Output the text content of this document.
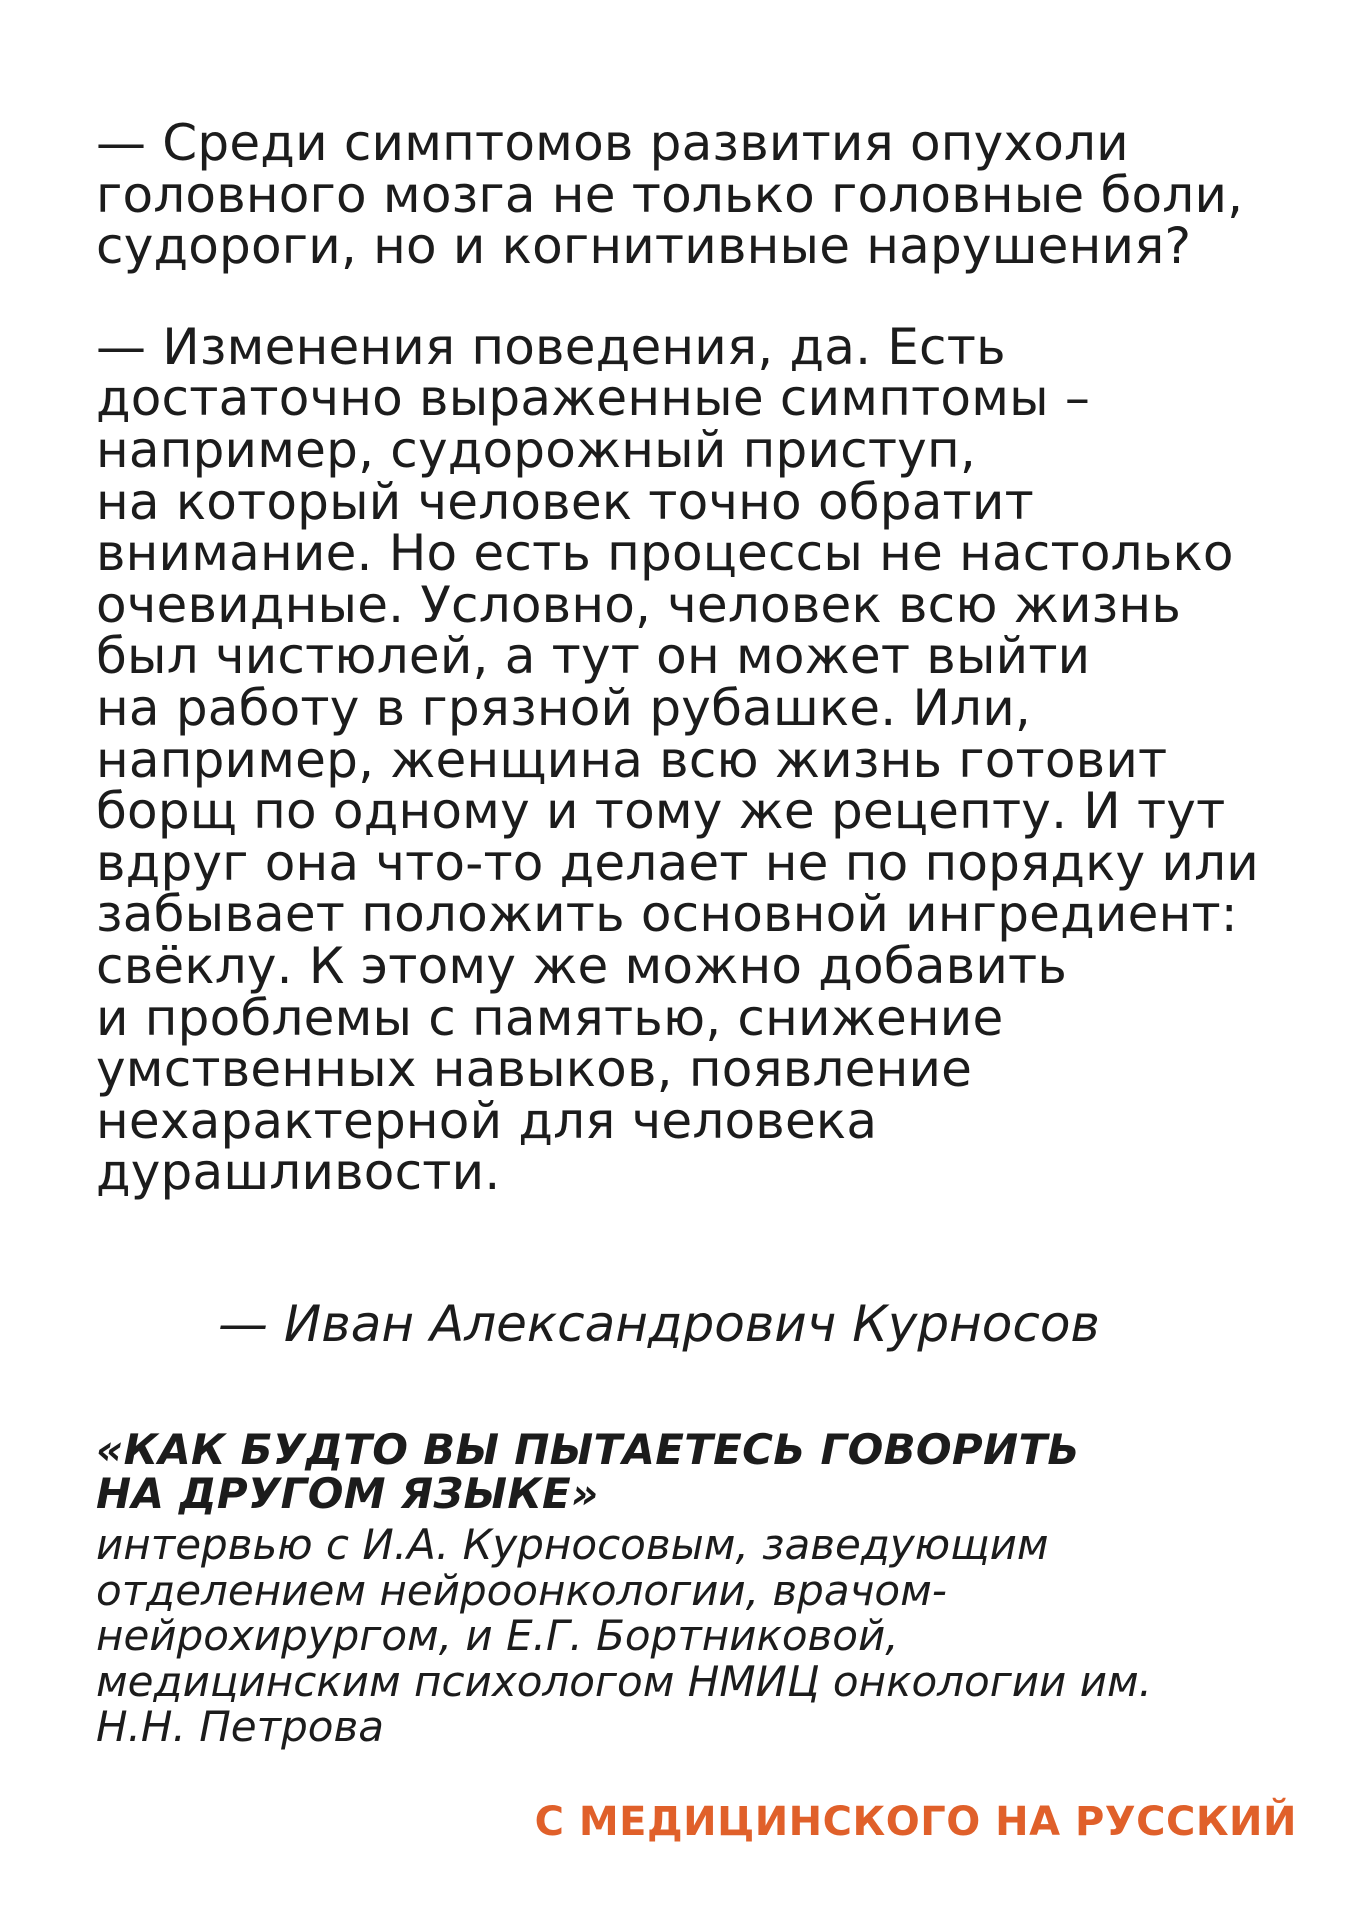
— Среди симптомов развития опухоли
головного мозга не только головные боли,
судороги, но и когнитивные нарушения?

— Изменения поведения, да. Есть
достаточно выраженные симптомы –
например, судорожный приступ,
на который человек точно обратит
внимание. Но есть процессы не настолько
очевидные. Условно, человек всю жизнь
был чистюлей, а тут он может выйти
на работу в грязной рубашке. Или,
например, женщина всю жизнь готовит
борщ по одному и тому же рецепту. И тут
вдруг она что-то делает не по порядку или
забывает положить основной ингредиент:
свёклу. К этому же можно добавить
и проблемы с памятью, снижение
умственных навыков, появление
нехарактерной для человека
дурашливости.

— Иван Александрович Курносов
«КАК БУДТО ВЫ ПЫТАЕТЕСЬ ГОВОРИТЬ
НА ДРУГОМ ЯЗЫКЕ»

интервью с И.А. Курносовым, заведующим
отделением нейроонкологии, врачом-
нейрохирургом, и Е.Г. Бортниковой,
медицинским психологом НМИЦ онкологии им.
Н.Н. Петрова

С МЕДИЦИНСКОГО НА РУССКИЙ
